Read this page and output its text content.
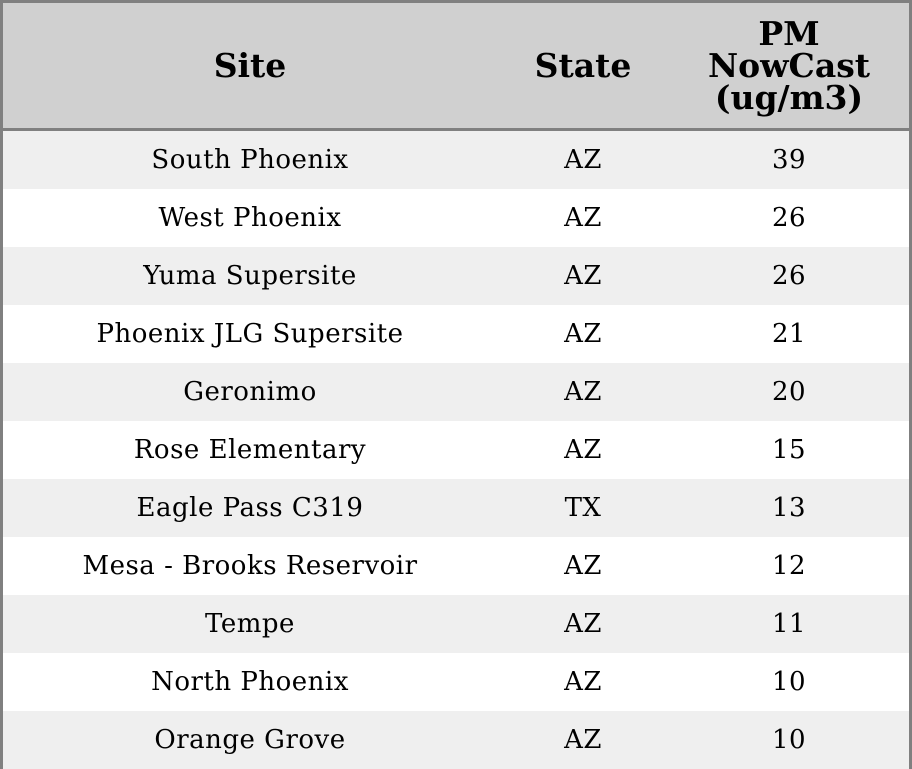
Site	State	PM
NowCast
(ug/m3)

South Phoenix	AZ	39
West Phoenix	AZ	26
Yuma Supersite	AZ	26
Phoenix JLG Supersite	AZ	21
Geronimo	AZ	20
Rose Elementary	AZ	15
Eagle Pass C319	TX	13
Mesa - Brooks Reservoir	AZ	12
Tempe	AZ	11
North Phoenix	AZ	10
Orange Grove	AZ	10
